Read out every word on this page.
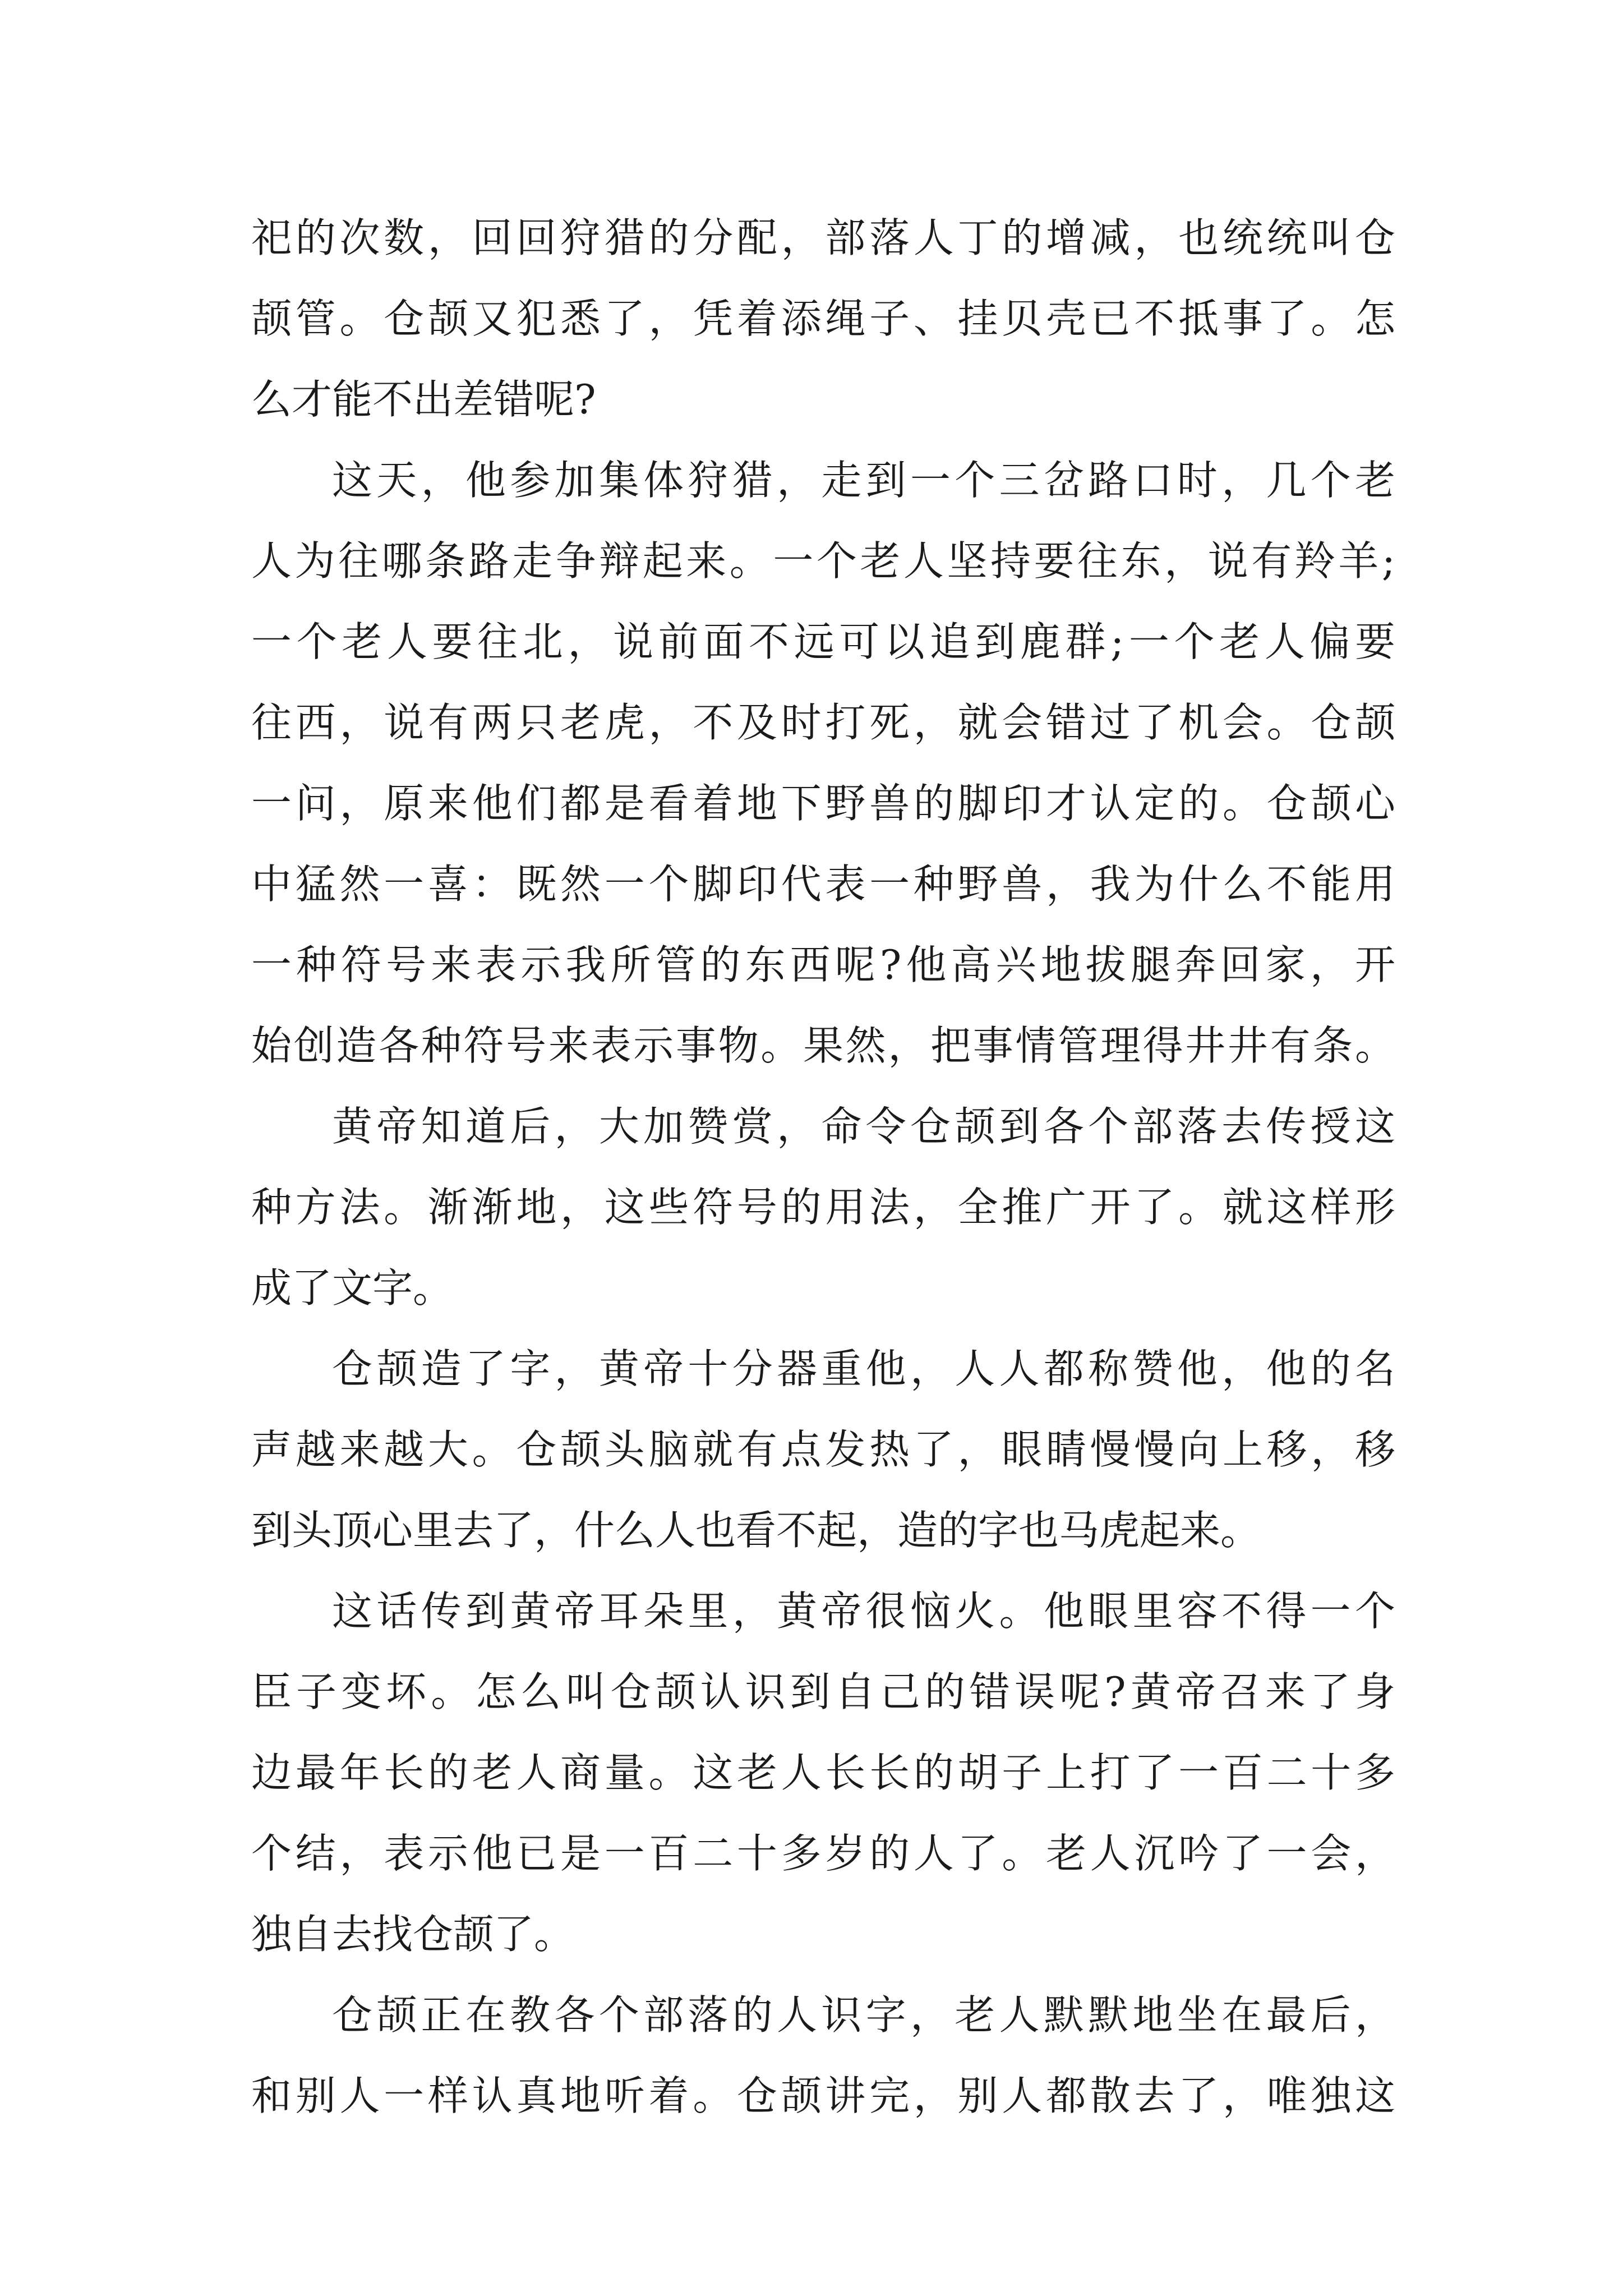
祀的次数，回回狩猎的分配，部落人丁的增减，也统统叫仓
颉管。仓颉又犯悉了，凭着添绳子、挂贝壳已不抵事了。怎
么才能不出差错呢?
这天，他参加集体狩猎，走到一个三岔路口时，几个老
人为往哪条路走争辩起来。一个老人坚持要往东，说有羚羊;
一个老人要往北，说前面不远可以追到鹿群;一个老人偏要
往西，说有两只老虎，不及时打死，就会错过了机会。仓颉
一问，原来他们都是看着地下野兽的脚印才认定的。仓颉心
中猛然一喜：既然一个脚印代表一种野兽，我为什么不能用
一种符号来表示我所管的东西呢?他高兴地拔腿奔回家，开
始创造各种符号来表示事物。果然，把事情管理得井井有条。
黄帝知道后，大加赞赏，命令仓颉到各个部落去传授这
种方法。渐渐地，这些符号的用法，全推广开了。就这样形
成了文字。
仓颉造了字，黄帝十分器重他，人人都称赞他，他的名
声越来越大。仓颉头脑就有点发热了，眼睛慢慢向上移，移
到头顶心里去了，什么人也看不起，造的字也马虎起来。
这话传到黄帝耳朵里，黄帝很恼火。他眼里容不得一个
臣子变坏。怎么叫仓颉认识到自己的错误呢?黄帝召来了身
边最年长的老人商量。这老人长长的胡子上打了一百二十多
个结，表示他已是一百二十多岁的人了。老人沉吟了一会，
独自去找仓颉了。
仓颉正在教各个部落的人识字，老人默默地坐在最后，
和别人一样认真地听着。仓颉讲完，别人都散去了，唯独这
